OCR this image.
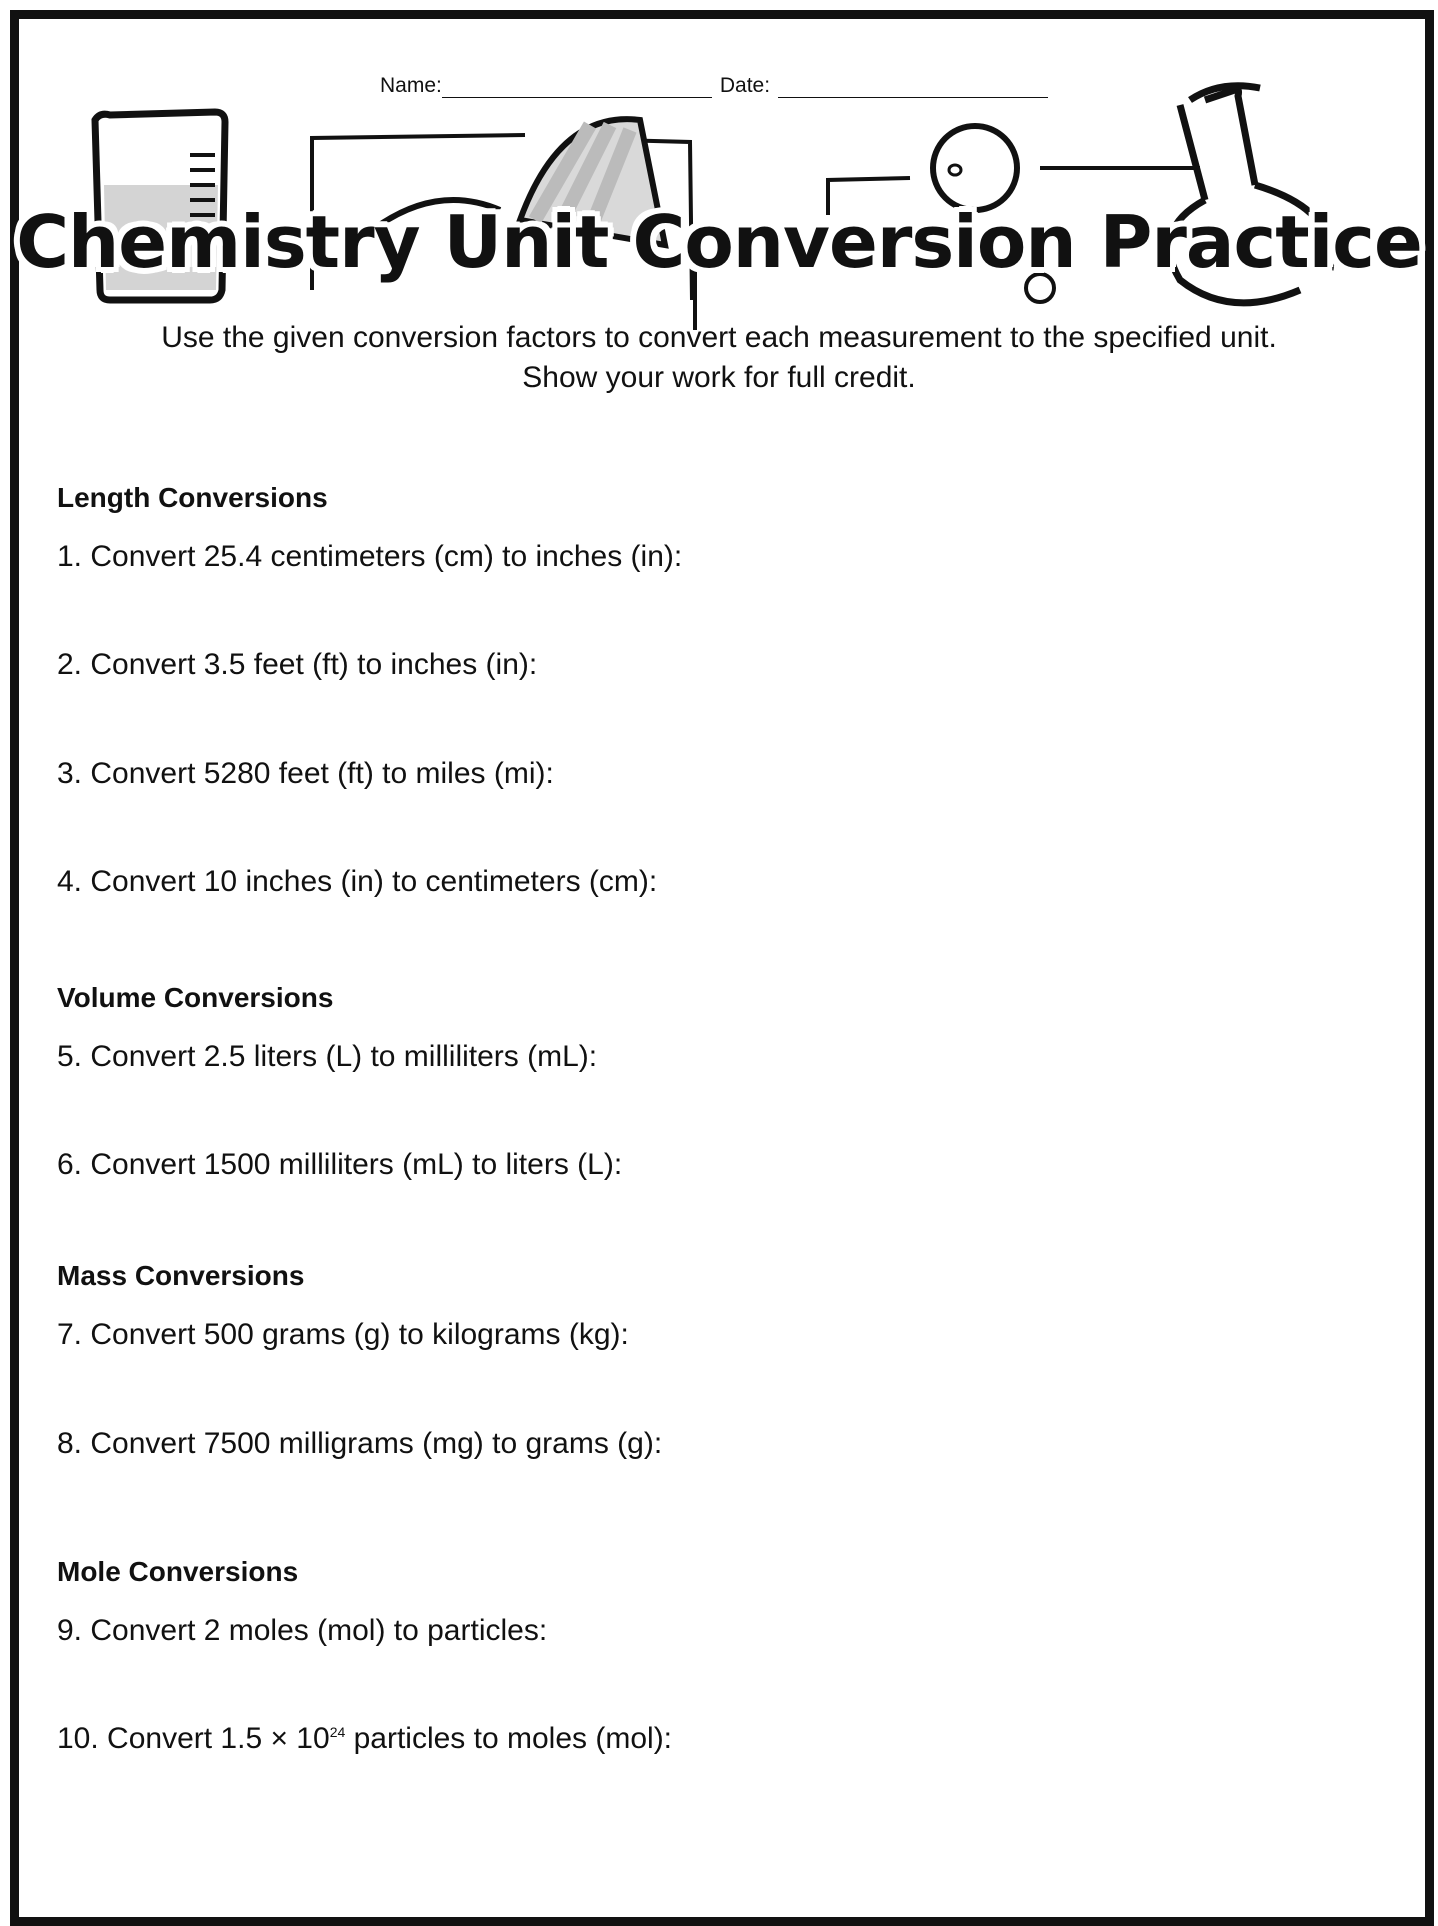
Name:	Date:
Chemistry Unit Conversion Practice
Use the given conversion factors to convert each measurement to the specified unit.
Show your work for full credit.
Length Conversions
1. Convert 25.4 centimeters (cm) to inches (in):
2. Convert 3.5 feet (ft) to inches (in):
3. Convert 5280 feet (ft) to miles (mi):
4. Convert 10 inches (in) to centimeters (cm):
Volume Conversions
5. Convert 2.5 liters (L) to milliliters (mL):
6. Convert 1500 milliliters (mL) to liters (L):
Mass Conversions
7. Convert 500 grams (g) to kilograms (kg):
8. Convert 7500 milligrams (mg) to grams (g):
Mole Conversions
9. Convert 2 moles (mol) to particles:
10. Convert $1.5 \times 10^{24}$ particles to moles (mol):
